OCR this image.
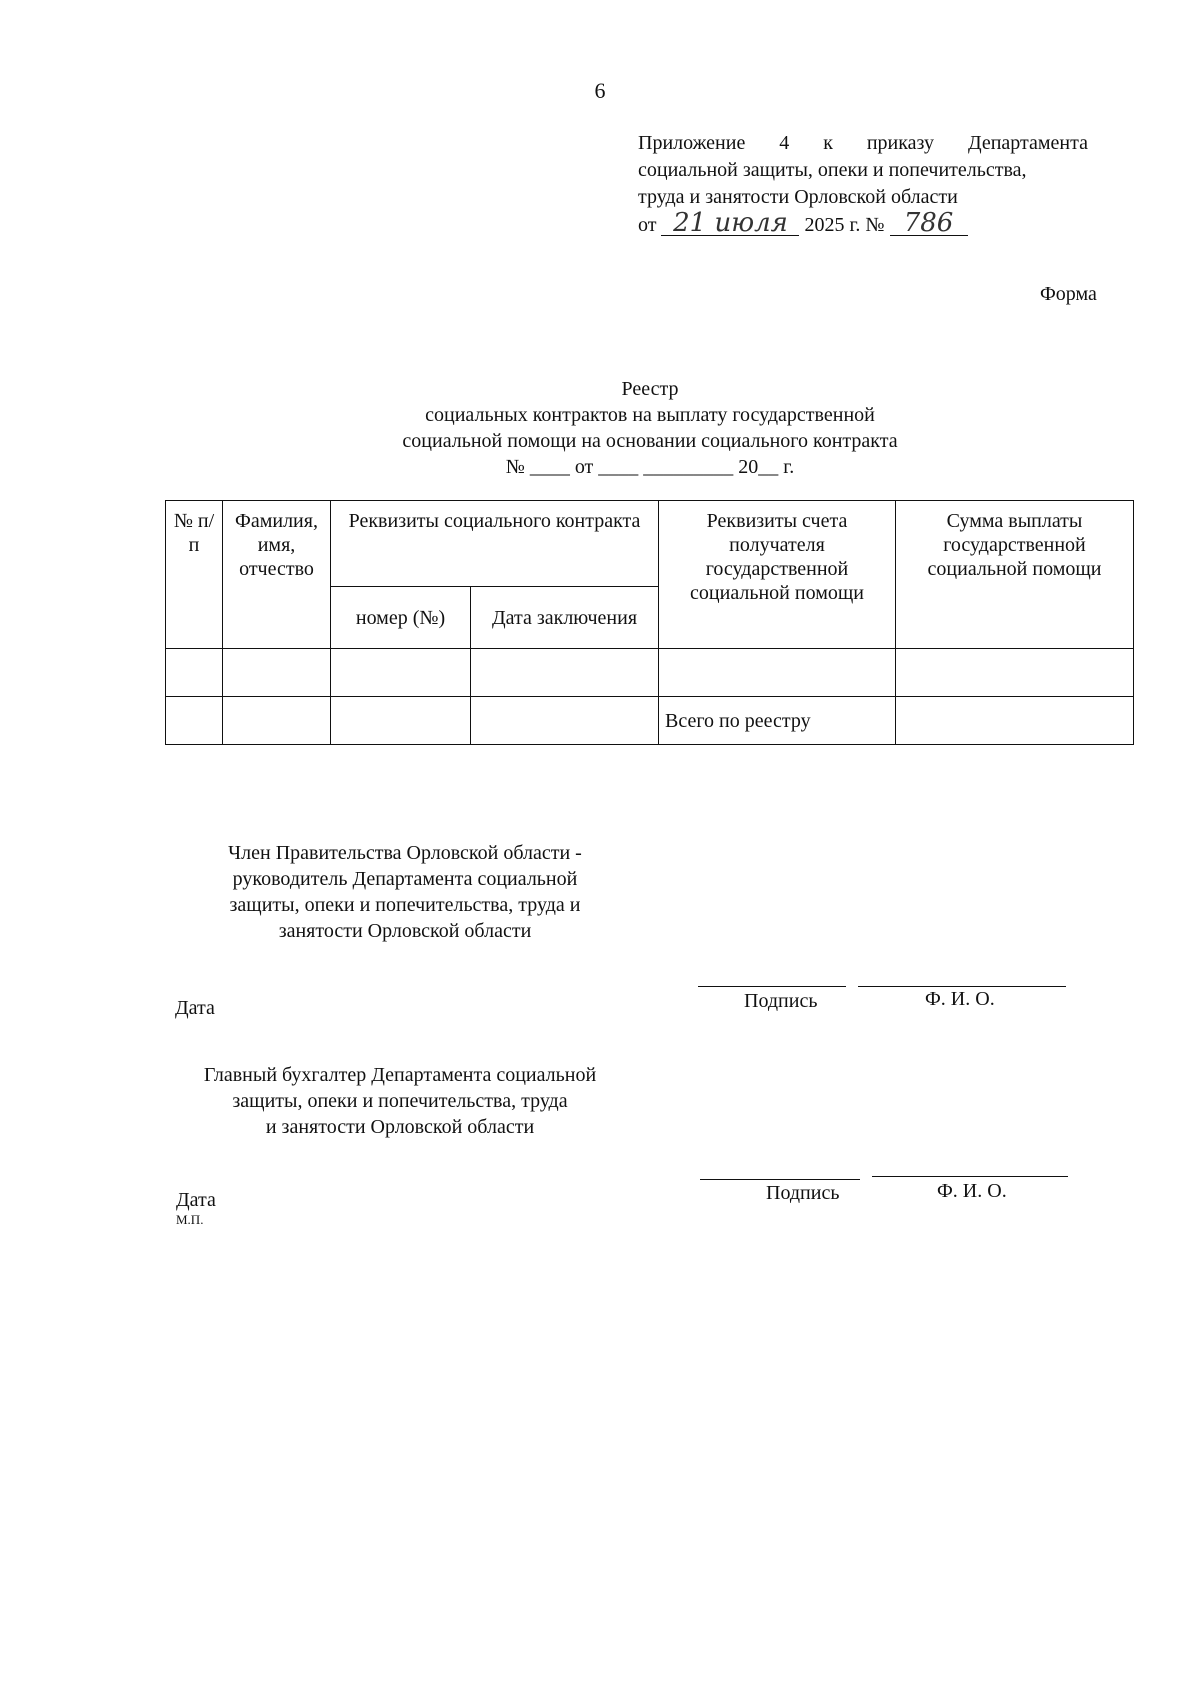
6
Приложение 4 к приказу Департамента
социальной защиты, опеки и попечительства,
труда и занятости Орловской области
от 21 июля 2025 г. № 786
Форма
Реестр
социальных контрактов на выплату государственной
социальной помощи на основании социального контракта
№ ____ от ____ _________ 20__ г.
№ п/п	Фамилия, имя, отчество	Реквизиты социального контракта		Реквизиты счета получателя государственной социальной помощи	Сумма выплаты государственной социальной помощи
		номер (№)	Дата заключения		

				Всего по реестру	
Член Правительства Орловской области -
руководитель Департамента социальной
защиты, опеки и попечительства, труда и
занятости Орловской области
Дата	Подпись	Ф. И. О.
Главный бухгалтер Департамента социальной
защиты, опеки и попечительства, труда
и занятости Орловской области
Дата
М.П.
Подпись	Ф. И. О.
